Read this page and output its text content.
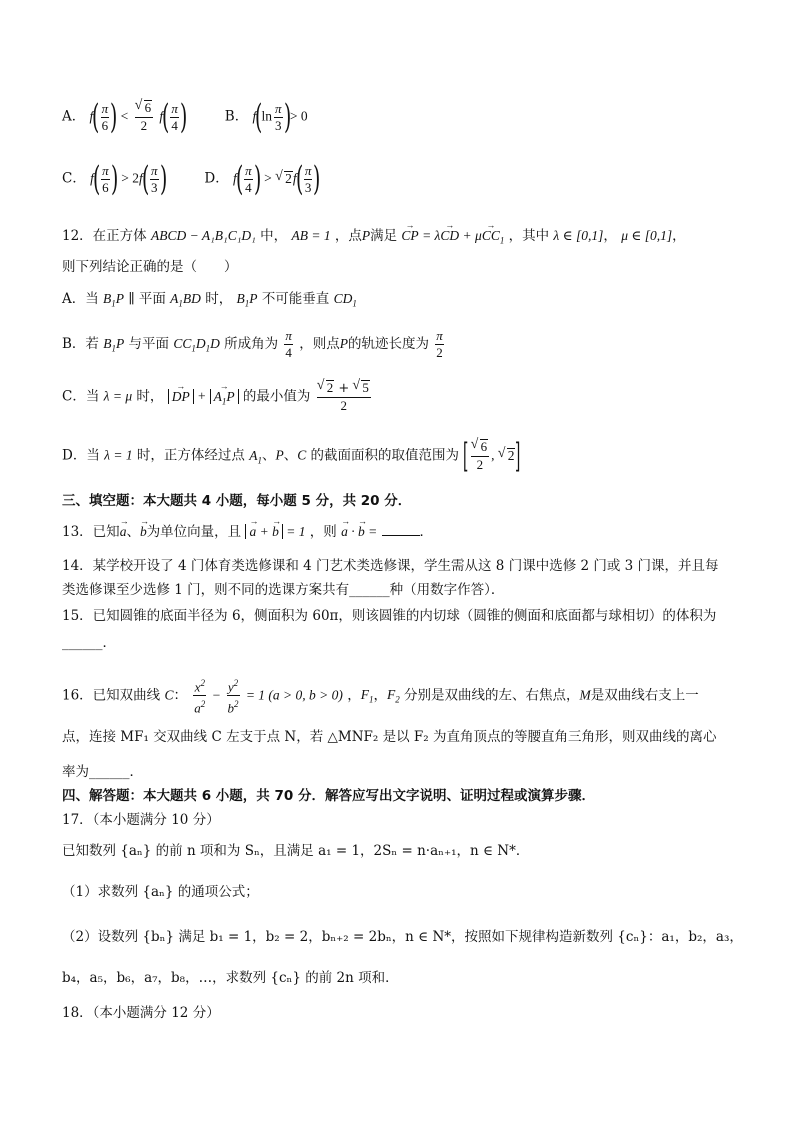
A． $f( \frac{\pi}{6}$ ) < √ $\frac{6}{2} f( \frac{\pi}{4}$ )	B． $f(\ln \frac{\pi}{3}$ )> 0
C． $f( \frac{\pi}{6}$ ) > $2f( \frac{\pi}{3}$ )	D． $f( \frac{\pi}{4}$ ) > √ $2f( \frac{\pi}{3}$ )
12．在正方体 ABCD − A₁B₁C₁D₁ 中， AB = 1 ，点P满足 CP → = λCD → + $\mu CC \to_1$ ，其中 λ ∈ [0,1]， μ ∈ [0,1]，
则下列结论正确的是（　　）
A．当 $B_1P$ ∥ 平面 $A_1BD$ 时， $B_1P$ 不可能垂直 $CD_1$
B．若 $B_1P$ 与平面 $CC_1D_1D$ 所成角为 $\frac{\pi}{4}$ ，则点P的轨迹长度为 $\frac{\pi}{2}$
C．当 λ = μ 时， DP → + $A_1P$ → 的最小值为 √ $\frac{2 + √ 5}{2}$
D．当 λ = 1 时，正方体经过点 $A_1$、P、C 的截面面积的取值范围为 [ √ $\frac{6}{2}$ , √ 2]
三、填空题：本大题共 4 小题，每小题 5 分，共 20 分．
13．已知a →、b →为单位向量，且 a → + b → = 1 ，则 a → · b → =	．
14．某学校开设了 4 门体育类选修课和 4 门艺术类选修课，学生需从这 8 门课中选修 2 门或 3 门课，并且每类选修课至少选修 1 门，则不同的选课方案共有______种（用数字作答）．
15．已知圆锥的底面半径为 6，侧面积为 60π，则该圆锥的内切球（圆锥的侧面和底面都与球相切）的体积为
______．
16．已知双曲线 C： $\frac{x^2}{a^2} - \frac{y^2}{b^2} = 1$ (a > 0, b > 0) ，$F_1$，$F_2$ 分别是双曲线的左、右焦点，M是双曲线右支上一
点，连接 MF₁ 交双曲线 C 左支于点 N，若 △MNF₂ 是以 F₂ 为直角顶点的等腰直角三角形，则双曲线的离心
率为______．
四、解答题：本大题共 6 小题，共 70 分．解答应写出文字说明、证明过程或演算步骤．
17．（本小题满分 10 分）
已知数列 {aₙ} 的前 n 项和为 Sₙ，且满足 a₁ = 1，2Sₙ = n·aₙ₊₁，n ∈ N*．
（1）求数列 {aₙ} 的通项公式；
（2）设数列 {bₙ} 满足 b₁ = 1，b₂ = 2，bₙ₊₂ = 2bₙ，n ∈ N*，按照如下规律构造新数列 {cₙ}：a₁，b₂，a₃，
b₄，a₅，b₆，a₇，b₈，…，求数列 {cₙ} 的前 2n 项和．
18．（本小题满分 12 分）
